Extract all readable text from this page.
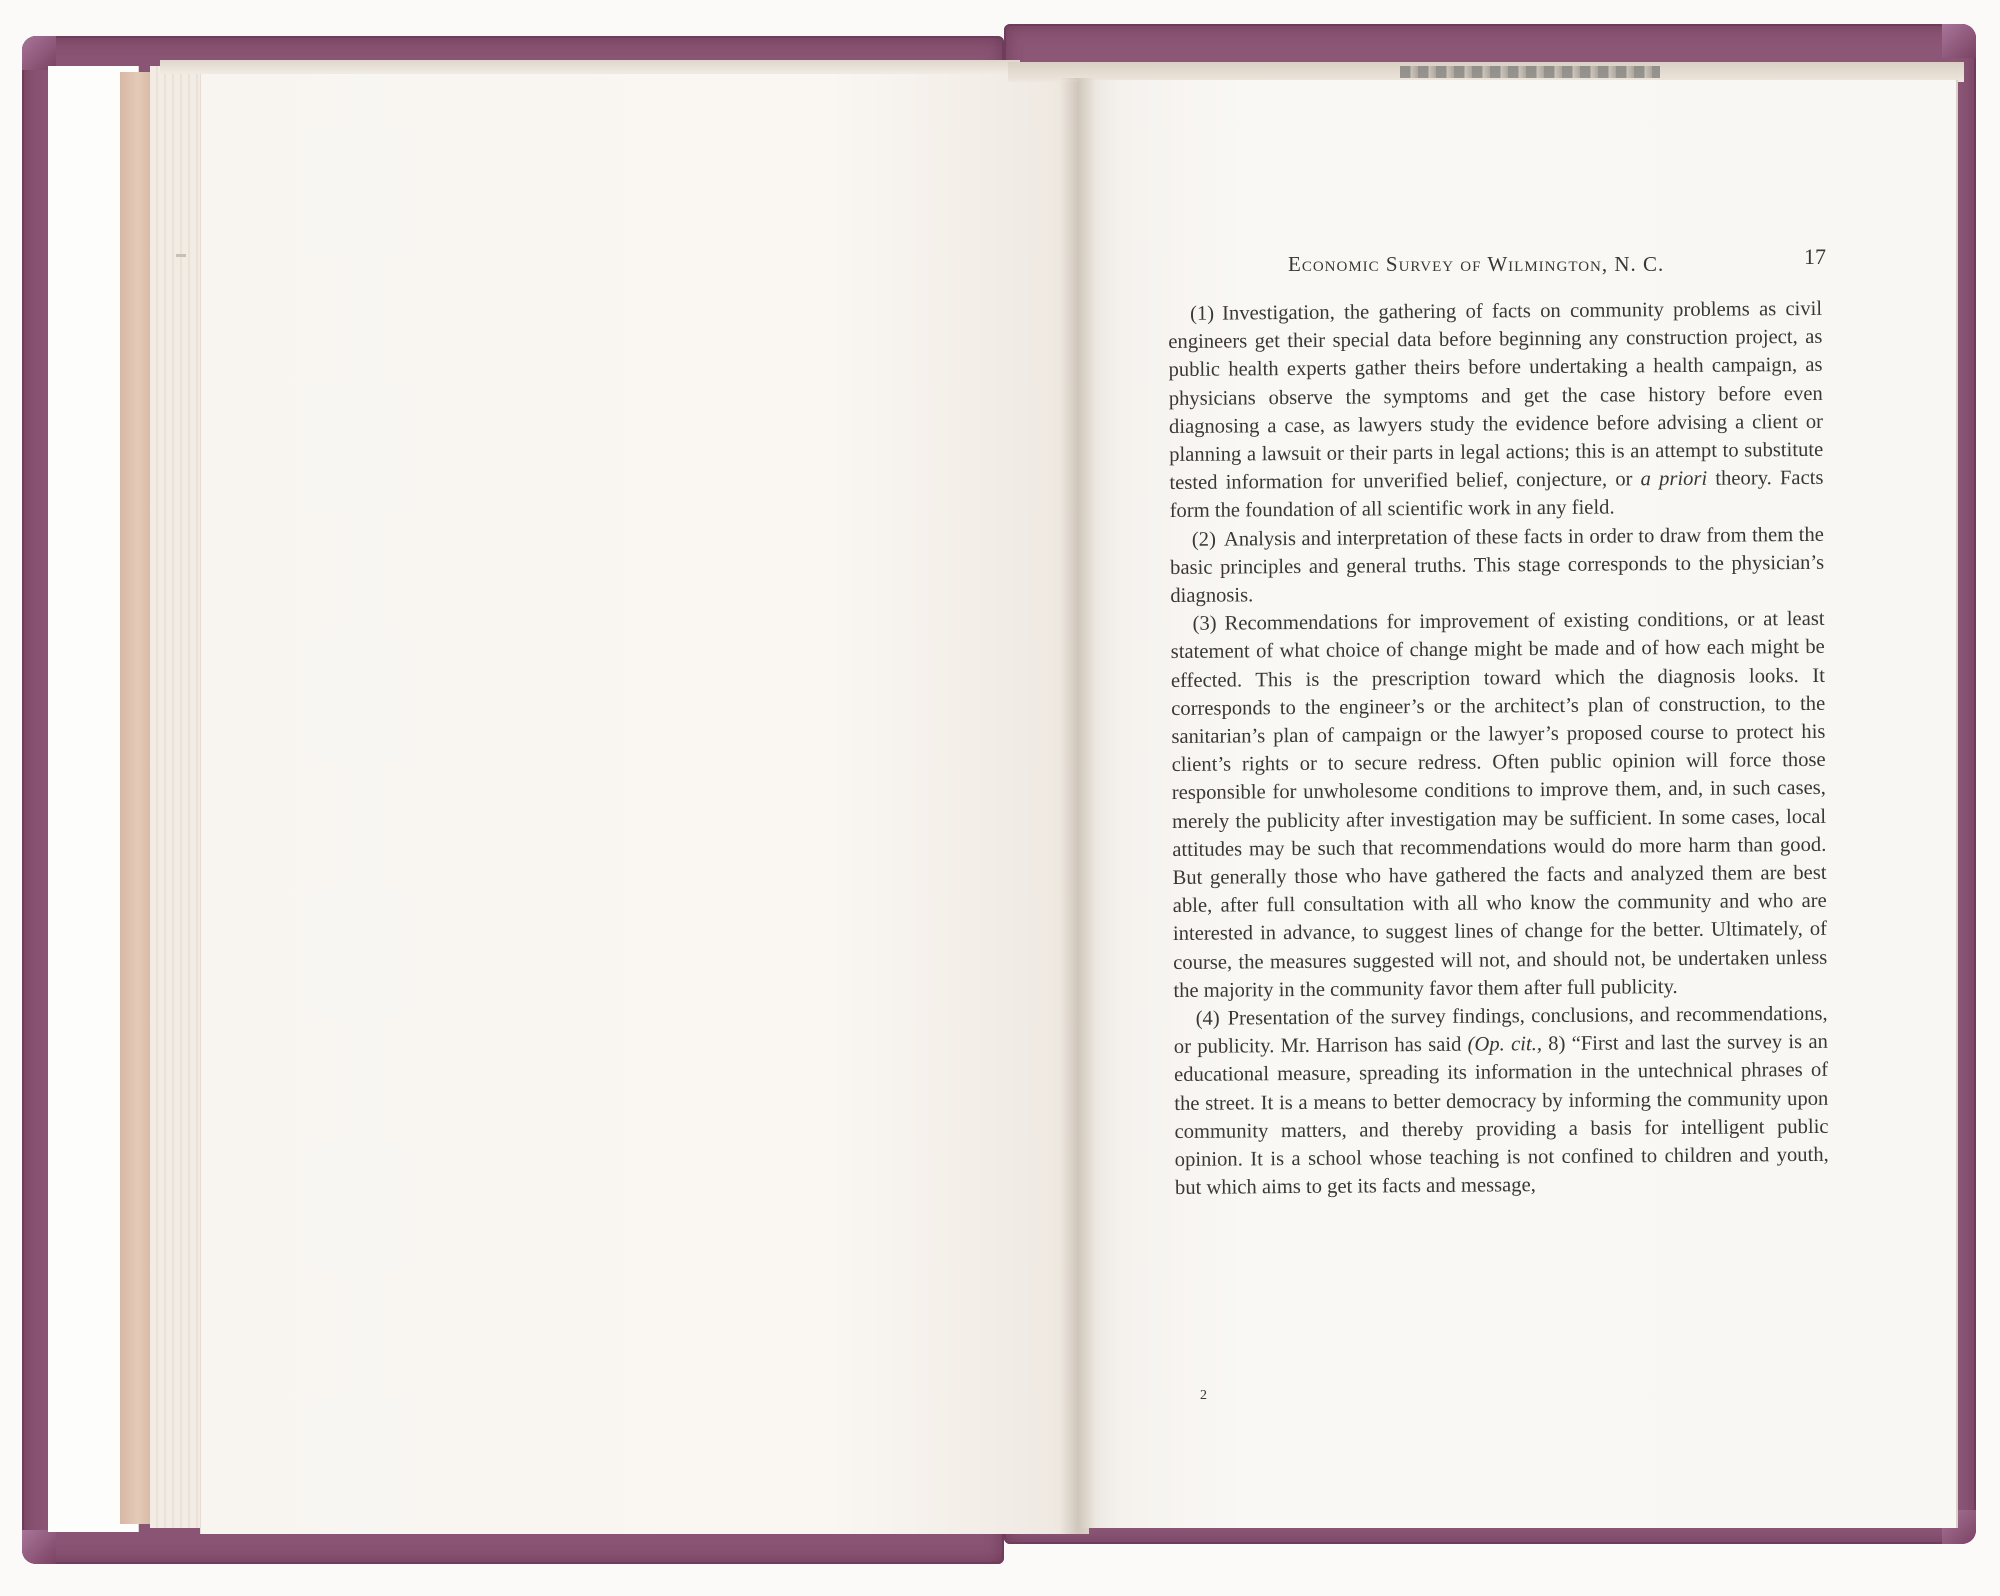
Economic Survey of Wilmington, N. C.	17

(1) Investigation, the gathering of facts on community problems as civil engineers get their special data before beginning any construction project, as public health experts gather theirs before undertaking a health campaign, as physicians observe the symptoms and get the case history before even diagnosing a case, as lawyers study the evidence before advising a client or planning a lawsuit or their parts in legal actions; this is an attempt to substitute tested information for unverified belief, conjecture, or a priori theory. Facts form the foundation of all scientific work in any field.

(2) Analysis and interpretation of these facts in order to draw from them the basic principles and general truths. This stage corresponds to the physician’s diagnosis.

(3) Recommendations for improvement of existing conditions, or at least statement of what choice of change might be made and of how each might be effected. This is the prescription toward which the diagnosis looks. It corresponds to the engineer’s or the architect’s plan of construction, to the sanitarian’s plan of campaign or the lawyer’s proposed course to protect his client’s rights or to secure redress. Often public opinion will force those responsible for unwholesome conditions to improve them, and, in such cases, merely the publicity after investigation may be sufficient. In some cases, local attitudes may be such that recommendations would do more harm than good. But generally those who have gathered the facts and analyzed them are best able, after full consultation with all who know the community and who are interested in advance, to suggest lines of change for the better. Ultimately, of course, the measures suggested will not, and should not, be undertaken unless the majority in the community favor them after full publicity.

(4) Presentation of the survey findings, conclusions, and recommendations, or publicity. Mr. Harrison has said (Op. cit., 8) “First and last the survey is an educational measure, spreading its information in the untechnical phrases of the street. It is a means to better democracy by informing the community upon community matters, and thereby providing a basis for intelligent public opinion. It is a school whose teaching is not confined to children and youth, but which aims to get its facts and message,

2
